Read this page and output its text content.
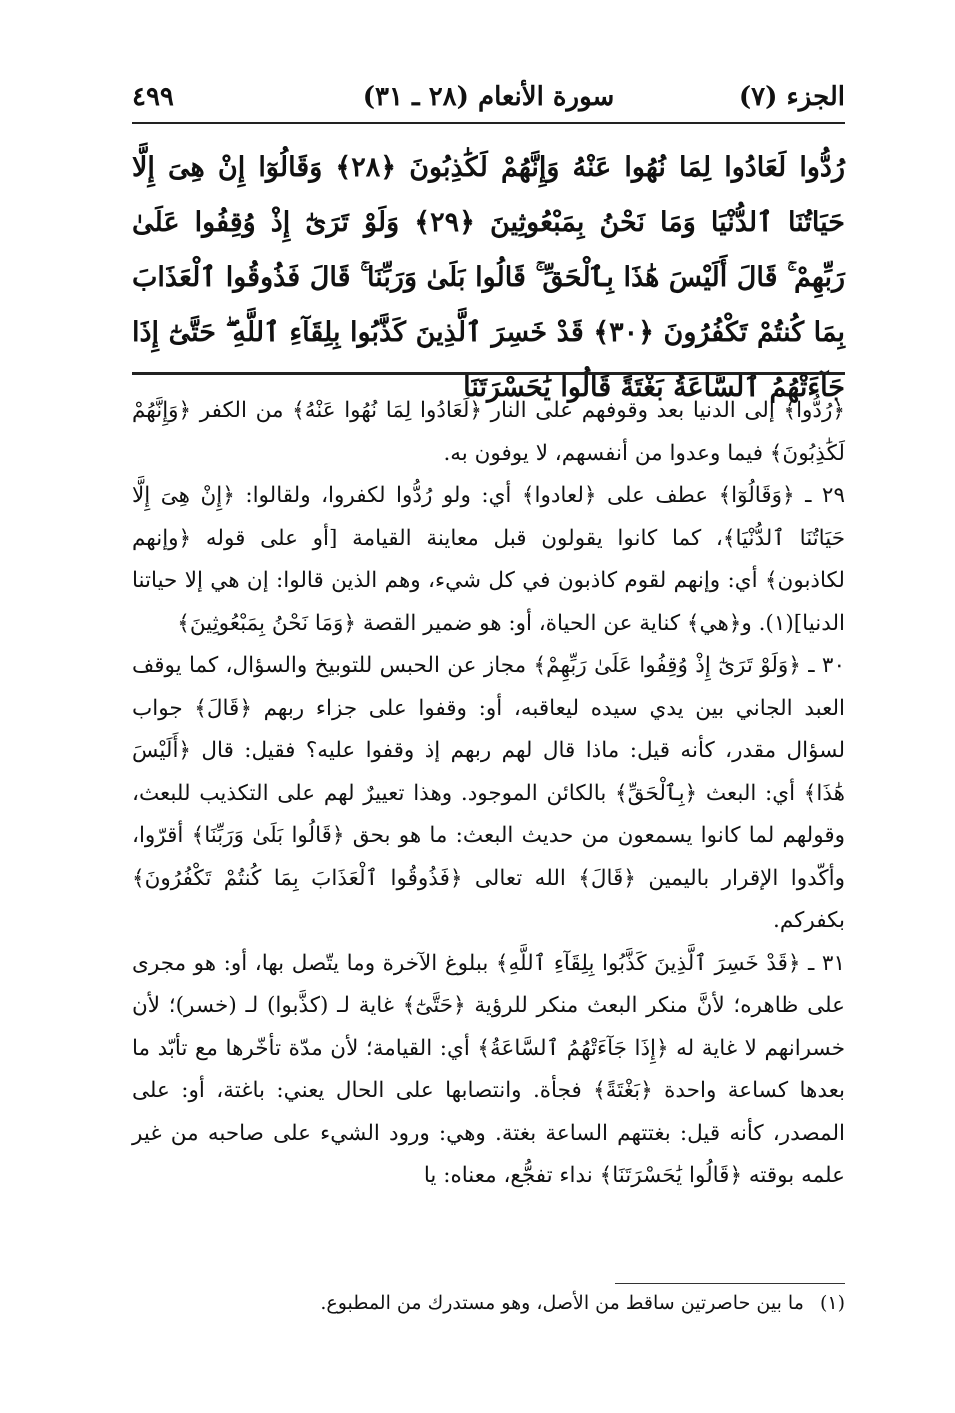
الجزء (٧)
سورة الأنعام (٢٨ ـ ٣١)
٤٩٩
رُدُّوا لَعَادُوا لِمَا نُهُوا عَنْهُ وَإِنَّهُمْ لَكَٰذِبُونَ ﴿٢٨﴾ وَقَالُوٓا إِنْ هِىَ إِلَّا حَيَاتُنَا ٱلدُّنْيَا وَمَا نَحْنُ بِمَبْعُوثِينَ ﴿٢٩﴾ وَلَوْ تَرَىٰٓ إِذْ وُقِفُوا عَلَىٰ رَبِّهِمْ ۚ قَالَ أَلَيْسَ هَٰذَا بِٱلْحَقِّ ۚ قَالُوا بَلَىٰ وَرَبِّنَا ۚ قَالَ فَذُوقُوا ٱلْعَذَابَ بِمَا كُنتُمْ تَكْفُرُونَ ﴿٣٠﴾ قَدْ خَسِرَ ٱلَّذِينَ كَذَّبُوا بِلِقَآءِ ٱللَّهِ ۖ حَتَّىٰٓ إِذَا جَآءَتْهُمُ ٱلسَّاعَةُ بَغْتَةً قَالُوا يَٰحَسْرَتَنَا

﴿رُدُّوا﴾ إلى الدنيا بعد وقوفهم على النار ﴿لَعَادُوا لِمَا نُهُوا عَنْهُ﴾ من الكفر ﴿وَإِنَّهُمْ لَكَٰذِبُونَ﴾ فيما وعدوا من أنفسهم، لا يوفون به.

٢٩ ـ ﴿وَقَالُوٓا﴾ عطف على ﴿لعادوا﴾ أي: ولو رُدُّوا لكفروا، ولقالوا: ﴿إِنْ هِىَ إِلَّا حَيَاتُنَا ٱلدُّنْيَا﴾، كما كانوا يقولون قبل معاينة القيامة [أو على قوله ﴿وإنهم لكاذبون﴾ أي: وإنهم لقوم كاذبون في كل شيء، وهم الذين قالوا: إن هي إلا حياتنا الدنيا](١). و﴿هي﴾ كناية عن الحياة، أو: هو ضمير القصة ﴿وَمَا نَحْنُ بِمَبْعُوثِينَ﴾

٣٠ ـ ﴿وَلَوْ تَرَىٰٓ إِذْ وُقِفُوا عَلَىٰ رَبِّهِمْ﴾ مجاز عن الحبس للتوبيخ والسؤال، كما يوقف العبد الجاني بين يدي سيده ليعاقبه، أو: وقفوا على جزاء ربهم ﴿قَالَ﴾ جواب لسؤال مقدر، كأنه قيل: ماذا قال لهم ربهم إذ وقفوا عليه؟ فقيل: قال ﴿أَلَيْسَ هَٰذَا﴾ أي: البعث ﴿بِٱلْحَقِّ﴾ بالكائن الموجود. وهذا تعييرٌ لهم على التكذيب للبعث، وقولهم لما كانوا يسمعون من حديث البعث: ما هو بحق ﴿قَالُوا بَلَىٰ وَرَبِّنَا﴾ أقرّوا، وأكّدوا الإقرار باليمين ﴿قَالَ﴾ الله تعالى ﴿فَذُوقُوا ٱلْعَذَابَ بِمَا كُنتُمْ تَكْفُرُونَ﴾ بكفركم.

٣١ ـ ﴿قَدْ خَسِرَ ٱلَّذِينَ كَذَّبُوا بِلِقَآءِ ٱللَّهِ﴾ ببلوغ الآخرة وما يتّصل بها، أو: هو مجرى على ظاهره؛ لأنَّ منكر البعث منكر للرؤية ﴿حَتَّىٰٓ﴾ غاية لـ (كذَّبوا) لـ (خسر)؛ لأن خسرانهم لا غاية له ﴿إِذَا جَآءَتْهُمُ ٱلسَّاعَةُ﴾ أي: القيامة؛ لأن مدّة تأخّرها مع تأبّد ما بعدها كساعة واحدة ﴿بَغْتَةً﴾ فجأة. وانتصابها على الحال يعني: باغتة، أو: على المصدر، كأنه قيل: بغتتهم الساعة بغتة. وهي: ورود الشيء على صاحبه من غير علمه بوقته ﴿قَالُوا يَٰحَسْرَتَنَا﴾ نداء تفجُّع، معناه: يا

(١) ما بين حاصرتين ساقط من الأصل، وهو مستدرك من المطبوع.
